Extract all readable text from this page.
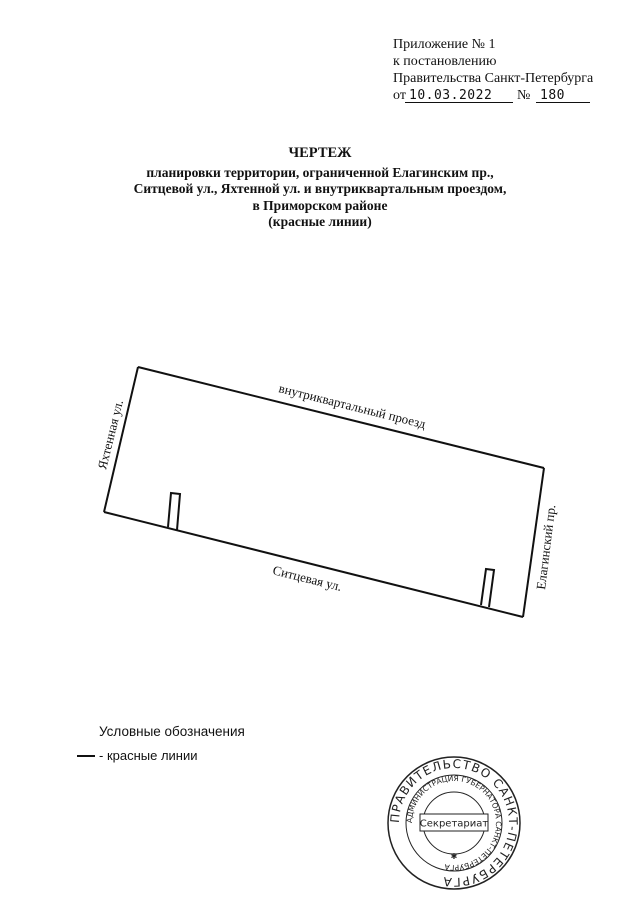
Приложение № 1
к постановлению
Правительства Санкт-Петербурга
от 10.03.2022	№ 180
ЧЕРТЕЖ
планировки территории, ограниченной Елагинским пр.,
Ситцевой ул., Яхтенной ул. и внутриквартальным проездом,
в Приморском районе
(красные линии)
внутриквартальный проезд
Яхтенная ул.
Ситцевая ул.	Елагинский пр.
Условные обозначения
- красные линии
ПРАВИТЕЛЬСТВО САНКТ-ПЕТЕРБУРГА
АДМИНИСТРАЦИЯ ГУБЕРНАТОРА САНКТ-ПЕТЕРБУРГА
Секретариат
✱
